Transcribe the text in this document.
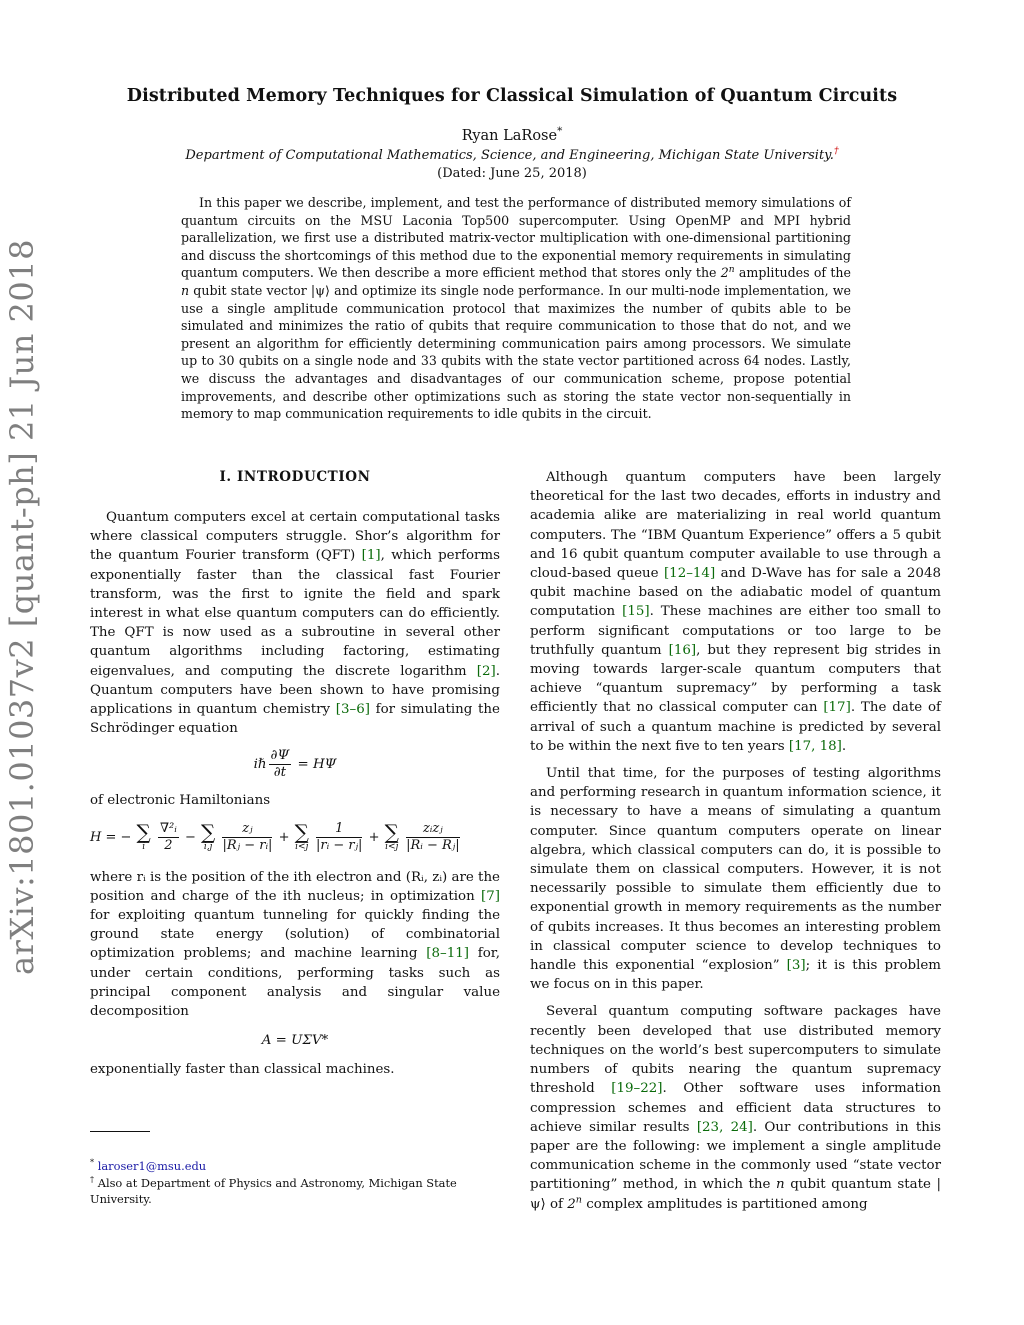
Distributed Memory Techniques for Classical Simulation of Quantum Circuits
Ryan LaRose*
Department of Computational Mathematics, Science, and Engineering, Michigan State University.†
(Dated: June 25, 2018)
In this paper we describe, implement, and test the performance of distributed memory simulations of quantum circuits on the MSU Laconia Top500 supercomputer. Using OpenMP and MPI hybrid parallelization, we first use a distributed matrix-vector multiplication with one-dimensional partitioning and discuss the shortcomings of this method due to the exponential memory requirements in simulating quantum computers. We then describe a more efficient method that stores only the 2$^n$ amplitudes of the n qubit state vector |ψ⟩ and optimize its single node performance. In our multi-node implementation, we use a single amplitude communication protocol that maximizes the number of qubits able to be simulated and minimizes the ratio of qubits that require communication to those that do not, and we present an algorithm for efficiently determining communication pairs among processors. We simulate up to 30 qubits on a single node and 33 qubits with the state vector partitioned across 64 nodes. Lastly, we discuss the advantages and disadvantages of our communication scheme, propose potential improvements, and describe other optimizations such as storing the state vector non-sequentially in memory to map communication requirements to idle qubits in the circuit.
arXiv:1801.01037v2 [quant-ph] 21 Jun 2018	I. INTRODUCTION

Quantum computers excel at certain computational tasks where classical computers struggle. Shor’s algorithm for the quantum Fourier transform (QFT) [1], which performs exponentially faster than the classical fast Fourier transform, was the first to ignite the field and spark interest in what else quantum computers can do efficiently. The QFT is now used as a subroutine in several other quantum algorithms including factoring, estimating eigenvalues, and computing the discrete logarithm [2]. Quantum computers have been shown to have promising applications in quantum chemistry [3–6] for simulating the Schrödinger equation

iℏ $\frac{\partial\Psi}{\partial t} = H\Psi$

of electronic Hamiltonians

H = − ∑
i
$\frac{\text{∇²ᵢ}}{2}$ − ∑
i,j
$\frac{\text{zⱼ}}{\text{|Rⱼ − rᵢ|}}$ + ∑
i<j
$\frac{1}{\text{|rᵢ − rⱼ|}}$ + ∑
i<j
$\frac{\text{zᵢzⱼ}}{\text{|Rᵢ − Rⱼ|}}$

where rᵢ is the position of the ith electron and (Rᵢ, zᵢ) are the position and charge of the ith nucleus; in optimization [7] for exploiting quantum tunneling for quickly finding the ground state energy (solution) of combinatorial optimization problems; and machine learning [8–11] for, under certain conditions, performing tasks such as principal component analysis and singular value decomposition

A = UΣV*

exponentially faster than classical machines.

* laroser1@msu.edu
† Also at Department of Physics and Astronomy, Michigan State University.

Although quantum computers have been largely theoretical for the last two decades, efforts in industry and academia alike are materializing in real world quantum computers. The “IBM Quantum Experience” offers a 5 qubit and 16 qubit quantum computer available to use through a cloud-based queue [12–14] and D-Wave has for sale a 2048 qubit machine based on the adiabatic model of quantum computation [15]. These machines are either too small to perform significant computations or too large to be truthfully quantum [16], but they represent big strides in moving towards larger-scale quantum computers that achieve “quantum supremacy” by performing a task efficiently that no classical computer can [17]. The date of arrival of such a quantum machine is predicted by several to be within the next five to ten years [17, 18].

Until that time, for the purposes of testing algorithms and performing research in quantum information science, it is necessary to have a means of simulating a quantum computer. Since quantum computers operate on linear algebra, which classical computers can do, it is possible to simulate them on classical computers. However, it is not necessarily possible to simulate them efficiently due to exponential growth in memory requirements as the number of qubits increases. It thus becomes an interesting problem in classical computer science to develop techniques to handle this exponential “explosion” [3]; it is this problem we focus on in this paper.

Several quantum computing software packages have recently been developed that use distributed memory techniques on the world’s best supercomputers to simulate numbers of qubits nearing the quantum supremacy threshold [19–22]. Other software uses information compression schemes and efficient data structures to achieve similar results [23, 24]. Our contributions in this paper are the following: we implement a single amplitude communication scheme in the commonly used “state vector partitioning” method, in which the n qubit quantum state |ψ⟩ of 2$^n$ complex amplitudes is partitioned among
